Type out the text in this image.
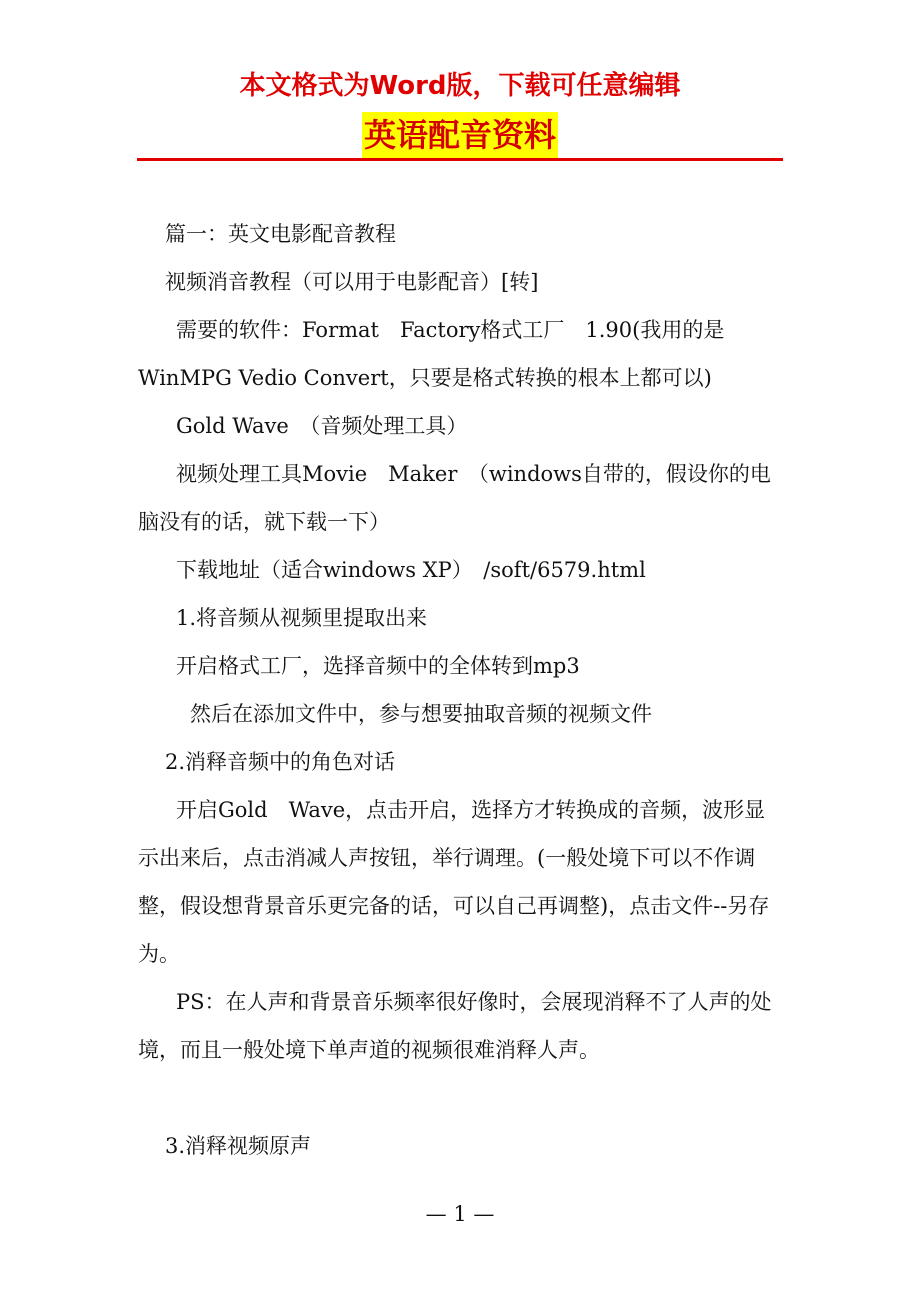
本文格式为Word版，下载可任意编辑
英语配音资料

篇一：英文电影配音教程

视频消音教程（可以用于电影配音）[转]

需要的软件：Format　Factory格式工厂　1.90(我用的是WinMPG Vedio Convert，只要是格式转换的根本上都可以)

Gold Wave　（音频处理工具）

视频处理工具Movie　Maker　（windows自带的，假设你的电脑没有的话，就下载一下）

下载地址（适合windows XP）　/soft/6579.html

1.将音频从视频里提取出来

开启格式工厂，选择音频中的全体转到mp3

然后在添加文件中，参与想要抽取音频的视频文件

2.消释音频中的角色对话

开启Gold　Wave，点击开启，选择方才转换成的音频，波形显示出来后，点击消减人声按钮，举行调理。(一般处境下可以不作调整，假设想背景音乐更完备的话，可以自己再调整)，点击文件--另存为。

PS：在人声和背景音乐频率很好像时，会展现消释不了人声的处境，而且一般处境下单声道的视频很难消释人声。

3.消释视频原声

— 1 —
